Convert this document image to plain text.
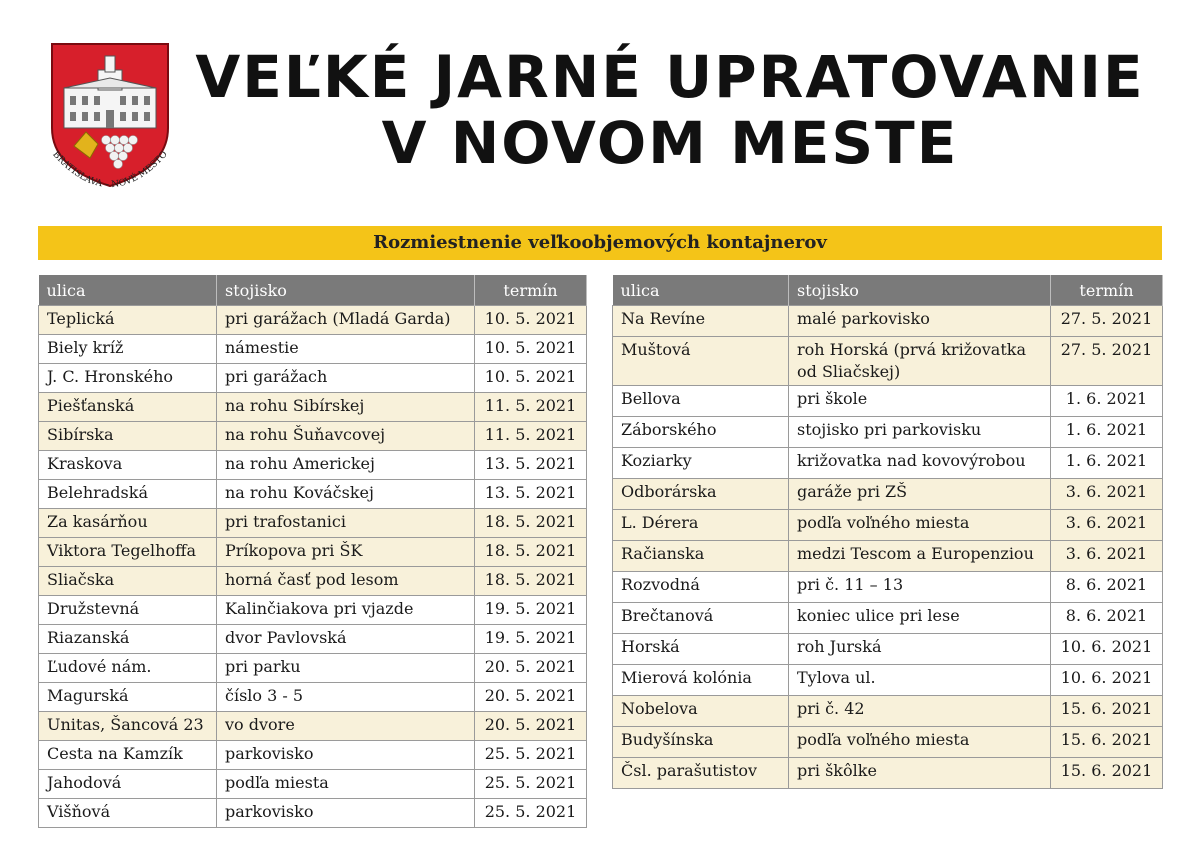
BRATISLAVA – NOVÉ MESTO
VEĽKÉ JARNÉ UPRATOVANIE
V NOVOM MESTE
Rozmiestnenie veľkoobjemových kontajnerov
ulica	stojisko	termín
Teplická	pri garážach (Mladá Garda)	10. 5. 2021
Biely kríž	námestie	10. 5. 2021
J. C. Hronského	pri garážach	10. 5. 2021
Piešťanská	na rohu Sibírskej	11. 5. 2021
Sibírska	na rohu Šuňavcovej	11. 5. 2021
Kraskova	na rohu Americkej	13. 5. 2021
Belehradská	na rohu Kováčskej	13. 5. 2021
Za kasárňou	pri trafostanici	18. 5. 2021
Viktora Tegelhoffa	Príkopova pri ŠK	18. 5. 2021
Sliačska	horná časť pod lesom	18. 5. 2021
Družstevná	Kalinčiakova pri vjazde	19. 5. 2021
Riazanská	dvor Pavlovská	19. 5. 2021
Ľudové nám.	pri parku	20. 5. 2021
Magurská	číslo 3 - 5	20. 5. 2021
Unitas, Šancová 23	vo dvore	20. 5. 2021
Cesta na Kamzík	parkovisko	25. 5. 2021
Jahodová	podľa miesta	25. 5. 2021
Višňová	parkovisko	25. 5. 2021
ulica	stojisko	termín
Na Revíne	malé parkovisko	27. 5. 2021
Muštová	roh Horská (prvá križovatka od Sliačskej)	27. 5. 2021
Bellova	pri škole	1. 6. 2021
Záborského	stojisko pri parkovisku	1. 6. 2021
Koziarky	križovatka nad kovovýrobou	1. 6. 2021
Odborárska	garáže pri ZŠ	3. 6. 2021
L. Dérera	podľa voľného miesta	3. 6. 2021
Račianska	medzi Tescom a Europenziou	3. 6. 2021
Rozvodná	pri č. 11 – 13	8. 6. 2021
Brečtanová	koniec ulice pri lese	8. 6. 2021
Horská	roh Jurská	10. 6. 2021
Mierová kolónia	Tylova ul.	10. 6. 2021
Nobelova	pri č. 42	15. 6. 2021
Budyšínska	podľa voľného miesta	15. 6. 2021
Čsl. parašutistov	pri škôlke	15. 6. 2021
